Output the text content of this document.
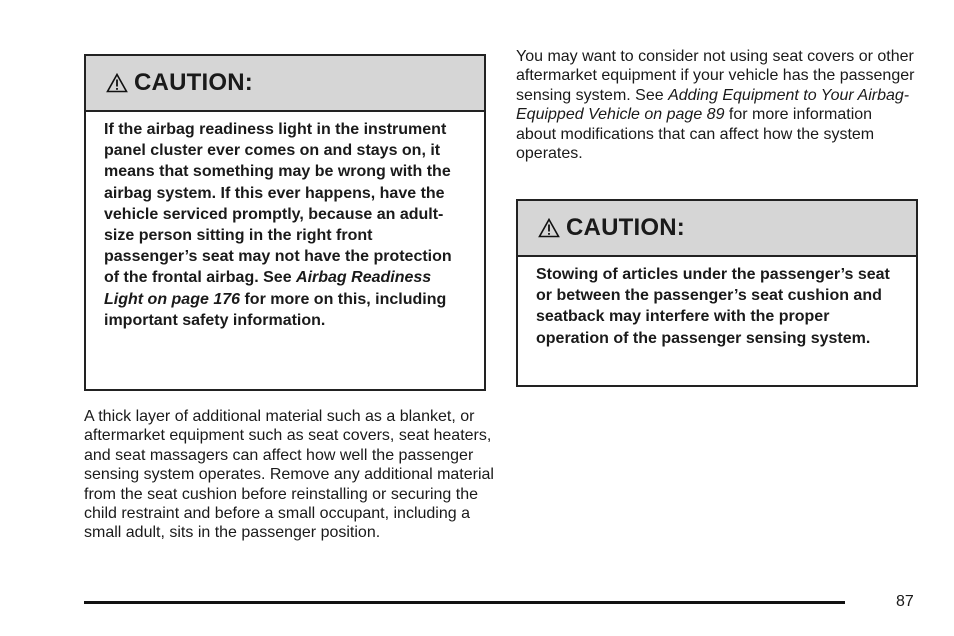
CAUTION:
If the airbag readiness light in the instrument panel cluster ever comes on and stays on, it means that something may be wrong with the airbag system. If this ever happens, have the vehicle serviced promptly, because an adult-size person sitting in the right front passenger’s seat may not have the protection of the frontal airbag. See Airbag Readiness Light on page 176 for more on this, including important safety information.
A thick layer of additional material such as a blanket, or aftermarket equipment such as seat covers, seat heaters, and seat massagers can affect how well the passenger sensing system operates. Remove any additional material from the seat cushion before reinstalling or securing the child restraint and before a small occupant, including a small adult, sits in the passenger position.
You may want to consider not using seat covers or other aftermarket equipment if your vehicle has the passenger sensing system. See Adding Equipment to Your Airbag-Equipped Vehicle on page 89 for more information about modifications that can affect how the system operates.
CAUTION:
Stowing of articles under the passenger’s seat or between the passenger’s seat cushion and seatback may interfere with the proper operation of the passenger sensing system.
87
